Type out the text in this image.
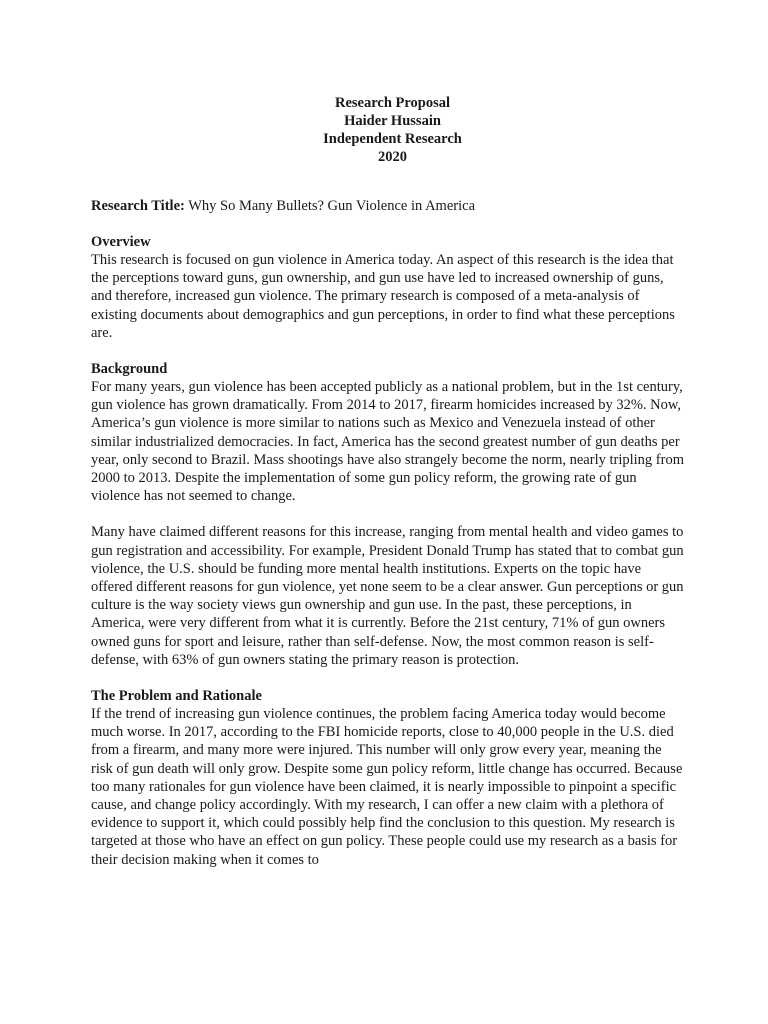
Research Proposal
Haider Hussain
Independent Research
2020
Research Title: Why So Many Bullets? Gun Violence in America

Overview

This research is focused on gun violence in America today. An aspect of this research is the idea that the perceptions toward guns, gun ownership, and gun use have led to increased ownership of guns, and therefore, increased gun violence. The primary research is composed of a meta-analysis of existing documents about demographics and gun perceptions, in order to find what these perceptions are.

Background

For many years, gun violence has been accepted publicly as a national problem, but in the 1st century, gun violence has grown dramatically. From 2014 to 2017, firearm homicides increased by 32%. Now, America’s gun violence is more similar to nations such as Mexico and Venezuela instead of other similar industrialized democracies. In fact, America has the second greatest number of gun deaths per year, only second to Brazil. Mass shootings have also strangely become the norm, nearly tripling from 2000 to 2013. Despite the implementation of some gun policy reform, the growing rate of gun violence has not seemed to change.

Many have claimed different reasons for this increase, ranging from mental health and video games to gun registration and accessibility. For example, President Donald Trump has stated that to combat gun violence, the U.S. should be funding more mental health institutions. Experts on the topic have offered different reasons for gun violence, yet none seem to be a clear answer. Gun perceptions or gun culture is the way society views gun ownership and gun use. In the past, these perceptions, in America, were very different from what it is currently. Before the 21st century, 71% of gun owners owned guns for sport and leisure, rather than self-defense. Now, the most common reason is self-defense, with 63% of gun owners stating the primary reason is protection.

The Problem and Rationale

If the trend of increasing gun violence continues, the problem facing America today would become much worse. In 2017, according to the FBI homicide reports, close to 40,000 people in the U.S. died from a firearm, and many more were injured. This number will only grow every year, meaning the risk of gun death will only grow. Despite some gun policy reform, little change has occurred. Because too many rationales for gun violence have been claimed, it is nearly impossible to pinpoint a specific cause, and change policy accordingly. With my research, I can offer a new claim with a plethora of evidence to support it, which could possibly help find the conclusion to this question. My research is targeted at those who have an effect on gun policy. These people could use my research as a basis for their decision making when it comes to
